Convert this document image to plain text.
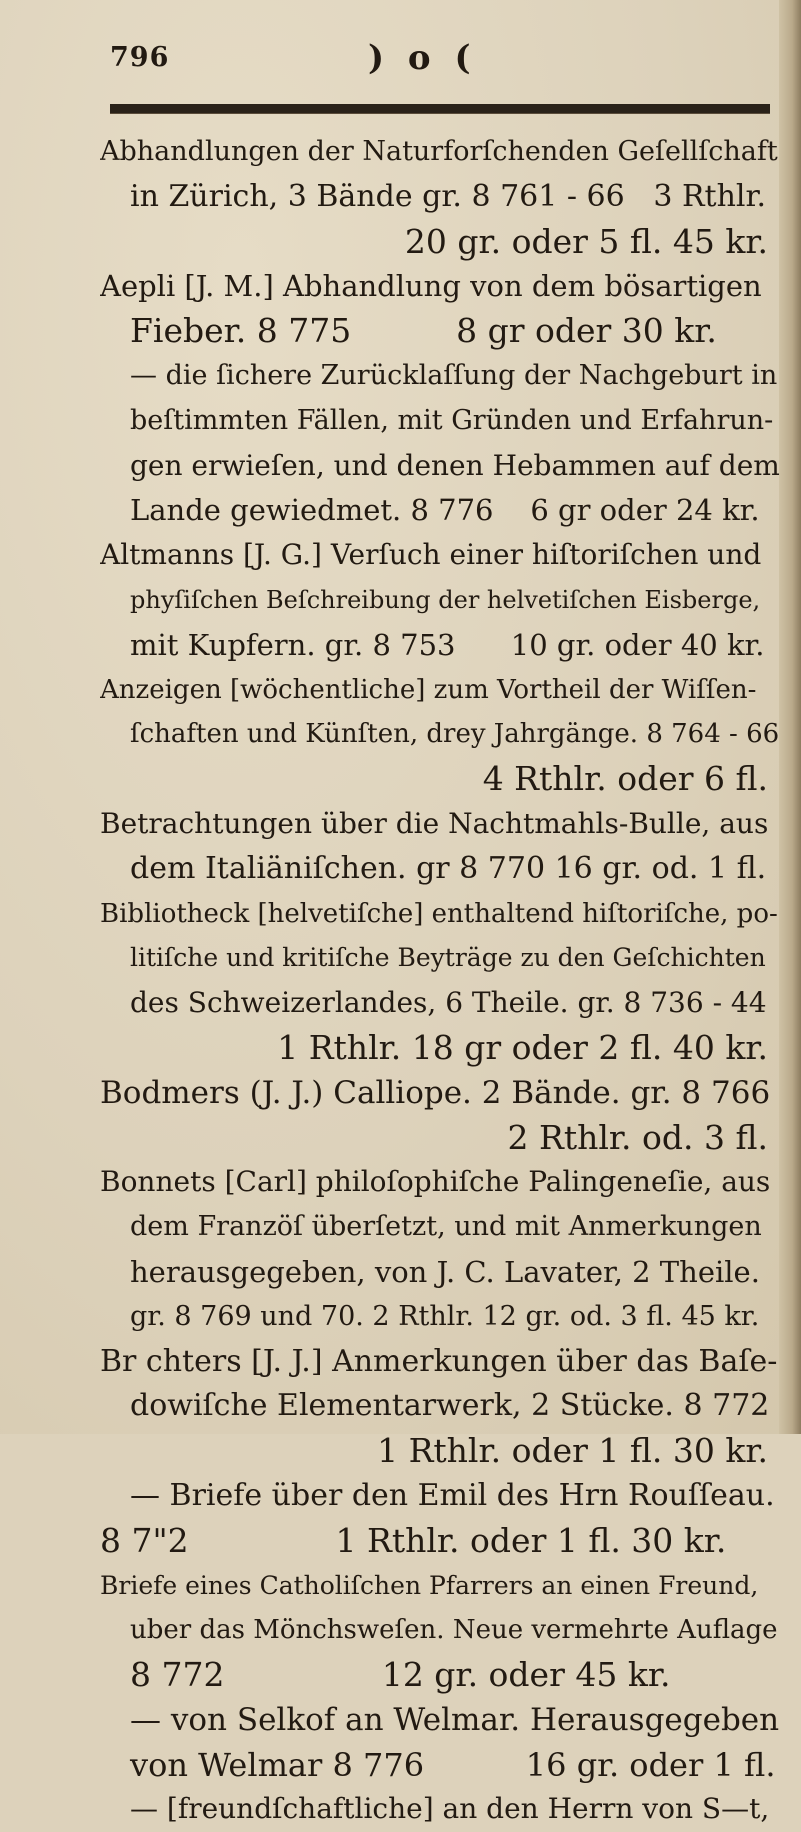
796	) o (
Abhandlungen der Naturforſchenden Geſellſchaft
in Zürich, 3 Bände gr. 8 761 - 66   3 Rthlr.
20 gr. oder 5 fl. 45 kr.
Aepli [J. M.] Abhandlung von dem bösartigen
Fieber. 8 775          8 gr oder 30 kr.
— die ſichere Zurücklaſſung der Nachgeburt in
beſtimmten Fällen, mit Gründen und Erfahrun-
gen erwieſen, und denen Hebammen auf dem
Lande gewiedmet. 8 776    6 gr oder 24 kr.
Altmanns [J. G.] Verſuch einer hiſtoriſchen und
phyſiſchen Beſchreibung der helvetiſchen Eisberge,
mit Kupfern. gr. 8 753      10 gr. oder 40 kr.
Anzeigen [wöchentliche] zum Vortheil der Wiſſen-
ſchaften und Künſten, drey Jahrgänge. 8 764 - 66
4 Rthlr. oder 6 fl.
Betrachtungen über die Nachtmahls-Bulle, aus
dem Italiäniſchen. gr 8 770 16 gr. od. 1 fl.
Bibliotheck [helvetiſche] enthaltend hiſtoriſche, po-
litiſche und kritiſche Beyträge zu den Geſchichten
des Schweizerlandes, 6 Theile. gr. 8 736 - 44
1 Rthlr. 18 gr oder 2 fl. 40 kr.
Bodmers (J. J.) Calliope. 2 Bände. gr. 8 766
2 Rthlr. od. 3 fl.
Bonnets [Carl] philoſophiſche Palingeneſie, aus
dem Franzöſ überſetzt, und mit Anmerkungen
herausgegeben, von J. C. Lavater, 2 Theile.
gr. 8 769 und 70. 2 Rthlr. 12 gr. od. 3 fl. 45 kr.
Br chters [J. J.] Anmerkungen über das Baſe-
dowiſche Elementarwerk, 2 Stücke. 8 772
1 Rthlr. oder 1 fl. 30 kr.
— Briefe über den Emil des Hrn Rouſſeau.
8 7"2              1 Rthlr. oder 1 fl. 30 kr.
Briefe eines Catholiſchen Pfarrers an einen Freund,
uber das Mönchsweſen. Neue vermehrte Auflage
8 772               12 gr. oder 45 kr.
— von Selkof an Welmar. Herausgegeben
von Welmar 8 776          16 gr. oder 1 fl.
— [freundſchaftliche] an den Herrn von S—t,
